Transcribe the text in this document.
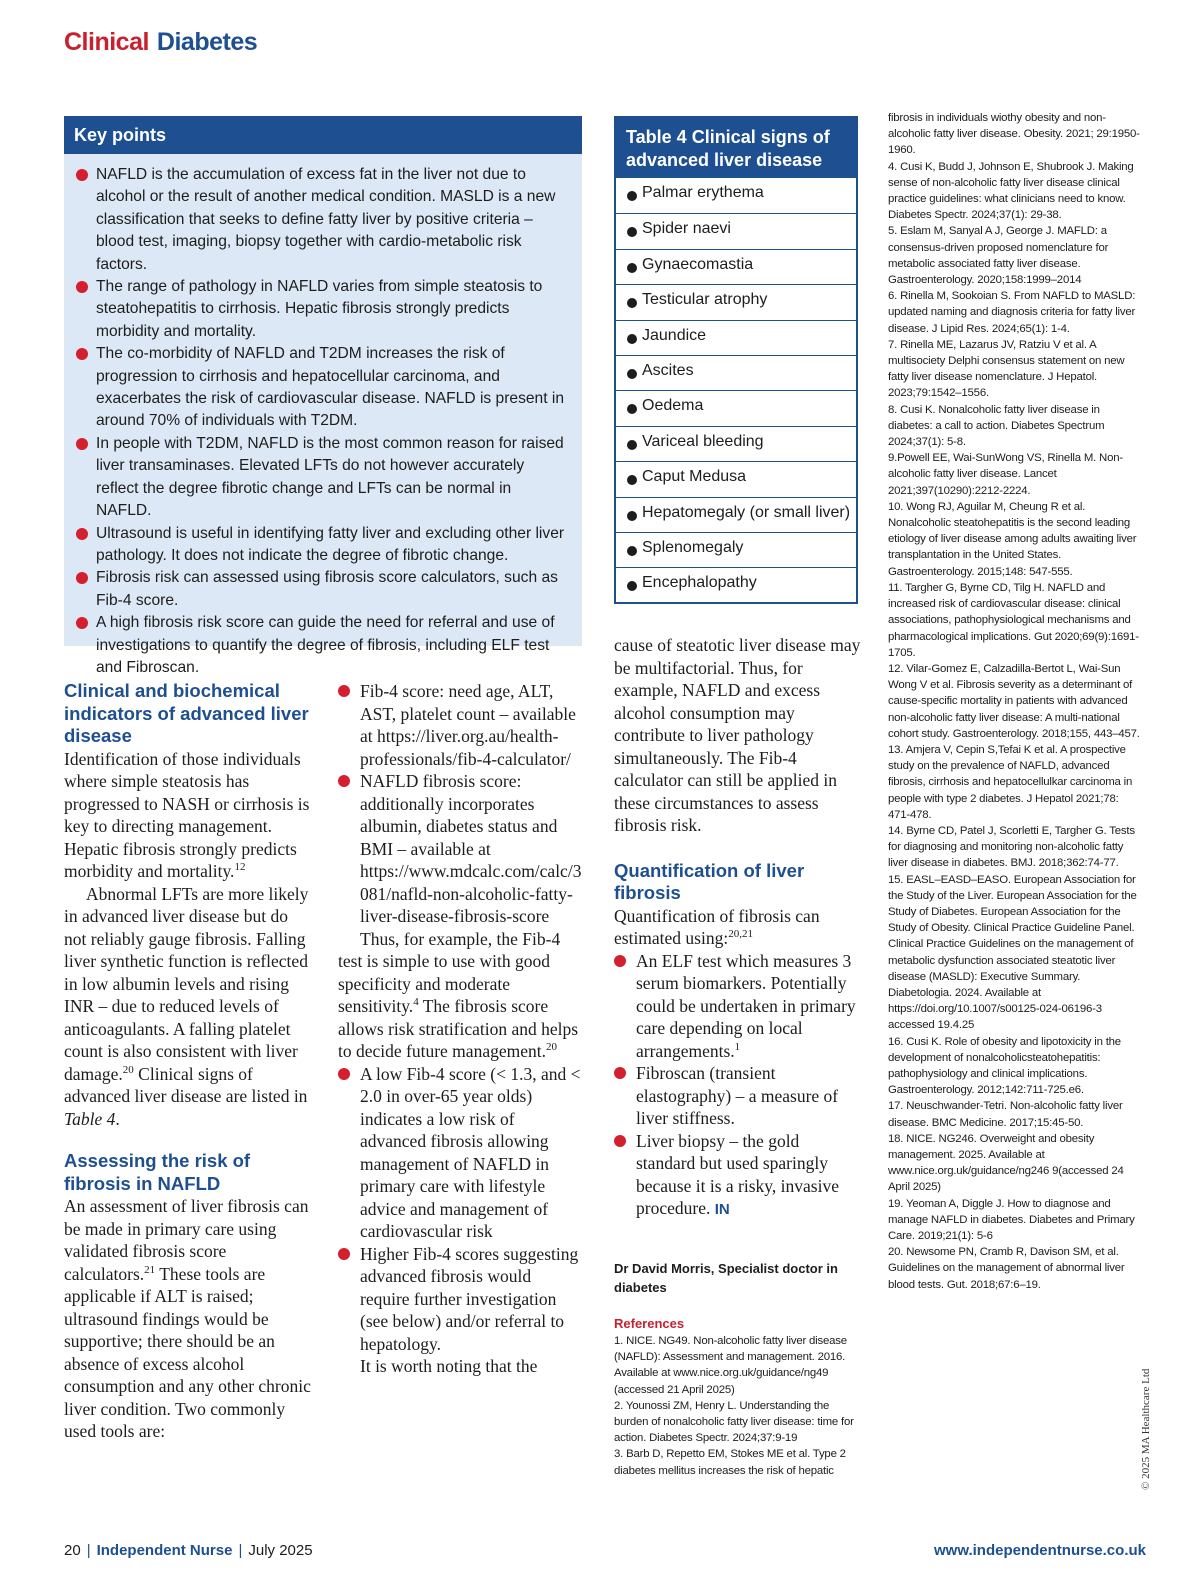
Clinical Diabetes
Key points
NAFLD is the accumulation of excess fat in the liver not due to alcohol or the result of another medical condition. MASLD is a new classification that seeks to define fatty liver by positive criteria – blood test, imaging, biopsy together with cardio-metabolic risk factors.
The range of pathology in NAFLD varies from simple steatosis to steatohepatitis to cirrhosis. Hepatic fibrosis strongly predicts morbidity and mortality.
The co-morbidity of NAFLD and T2DM increases the risk of progression to cirrhosis and hepatocellular carcinoma, and exacerbates the risk of cardiovascular disease. NAFLD is present in around 70% of individuals with T2DM.
In people with T2DM, NAFLD is the most common reason for raised liver transaminases. Elevated LFTs do not however accurately reflect the degree fibrotic change and LFTs can be normal in NAFLD.
Ultrasound is useful in identifying fatty liver and excluding other liver pathology. It does not indicate the degree of fibrotic change.
Fibrosis risk can assessed using fibrosis score calculators, such as Fib-4 score.
A high fibrosis risk score can guide the need for referral and use of investigations to quantify the degree of fibrosis, including ELF test and Fibroscan.
Table 4 Clinical signs of advanced liver disease
Palmar erythema
Spider naevi
Gynaecomastia
Testicular atrophy
Jaundice
Ascites
Oedema
Variceal bleeding
Caput Medusa
Hepatomegaly (or small liver)
Splenomegaly
Encephalopathy
Clinical and biochemical indicators of advanced liver disease

Identification of those individuals where simple steatosis has progressed to NASH or cirrhosis is key to directing management. Hepatic fibrosis strongly predicts morbidity and mortality.$^{12}$

Abnormal LFTs are more likely in advanced liver disease but do not reliably gauge fibrosis. Falling liver synthetic function is reflected in low albumin levels and rising INR – due to reduced levels of anticoagulants. A falling platelet count is also consistent with liver damage.$^{20}$ Clinical signs of advanced liver disease are listed in Table 4.

Assessing the risk of fibrosis in NAFLD

An assessment of liver fibrosis can be made in primary care using validated fibrosis score calculators.$^{21}$ These tools are applicable if ALT is raised; ultrasound findings would be supportive; there should be an absence of excess alcohol consumption and any other chronic liver condition. Two commonly used tools are:

Fib-4 score: need age, ALT, AST, platelet count – available at https://liver.org.au/health-professionals/fib-4-calculator/
NAFLD fibrosis score: additionally incorporates albumin, diabetes status and BMI – available at https://www.mdcalc.com/calc/3081/nafld-non-alcoholic-fatty-liver-disease-fibrosis-score

Thus, for example, the Fib-4 test is simple to use with good specificity and moderate sensitivity.$^4$ The fibrosis score allows risk stratification and helps to decide future management.$^{20}$

A low Fib-4 score (< 1.3, and < 2.0 in over-65 year olds) indicates a low risk of advanced fibrosis allowing management of NAFLD in primary care with lifestyle advice and management of cardiovascular risk
Higher Fib-4 scores suggesting advanced fibrosis would require further investigation (see below) and/or referral to hepatology.

It is worth noting that the

cause of steatotic liver disease may be multifactorial. Thus, for example, NAFLD and excess alcohol consumption may contribute to liver pathology simultaneously. The Fib-4 calculator can still be applied in these circumstances to assess fibrosis risk.

Quantification of liver fibrosis

Quantification of fibrosis can estimated using:$^{20,21}$

An ELF test which measures 3 serum biomarkers. Potentially could be undertaken in primary care depending on local arrangements.$^1$
Fibroscan (transient elastography) – a measure of liver stiffness.
Liver biopsy – the gold standard but used sparingly because it is a risky, invasive procedure. IN
Dr David Morris, Specialist doctor in diabetes
References

1. NICE. NG49. Non-alcoholic fatty liver disease (NAFLD): Assessment and management. 2016. Available at www.nice.org.uk/guidance/ng49 (accessed 21 April 2025)

2. Younossi ZM, Henry L. Understanding the burden of nonalcoholic fatty liver disease: time for action. Diabetes Spectr. 2024;37:9-19

3. Barb D, Repetto EM, Stokes ME et al. Type 2 diabetes mellitus increases the risk of hepatic

fibrosis in individuals wiothy obesity and non-alcoholic fatty liver disease. Obesity. 2021; 29:1950-1960.

4. Cusi K, Budd J, Johnson E, Shubrook J. Making sense of non-alcoholic fatty liver disease clinical practice guidelines: what clinicians need to know. Diabetes Spectr. 2024;37(1): 29-38.

5. Eslam M, Sanyal A J, George J. MAFLD: a consensus-driven proposed nomenclature for metabolic associated fatty liver disease. Gastroenterology. 2020;158:1999–2014

6. Rinella M, Sookoian S. From NAFLD to MASLD: updated naming and diagnosis criteria for fatty liver disease. J Lipid Res. 2024;65(1): 1-4.

7. Rinella ME, Lazarus JV, Ratziu V et al. A multisociety Delphi consensus statement on new fatty liver disease nomenclature. J Hepatol. 2023;79:1542–1556.

8. Cusi K. Nonalcoholic fatty liver disease in diabetes: a call to action. Diabetes Spectrum 2024;37(1): 5-8.

9.Powell EE, Wai-SunWong VS, Rinella M. Non-alcoholic fatty liver disease. Lancet 2021;397(10290):2212-2224.

10. Wong RJ, Aguilar M, Cheung R et al. Nonalcoholic steatohepatitis is the second leading etiology of liver disease among adults awaiting liver transplantation in the United States. Gastroenterology. 2015;148: 547-555.

11. Targher G, Byrne CD, Tilg H. NAFLD and increased risk of cardiovascular disease: clinical associations, pathophysiological mechanisms and pharmacological implications. Gut 2020;69(9):1691-1705.

12. Vilar-Gomez E, Calzadilla-Bertot L, Wai-Sun Wong V et al. Fibrosis severity as a determinant of cause-specific mortality in patients with advanced non-alcoholic fatty liver disease: A multi-national cohort study. Gastroenterology. 2018;155, 443–457.

13. Amjera V, Cepin S,Tefai K et al. A prospective study on the prevalence of NAFLD, advanced fibrosis, cirrhosis and hepatocellulkar carcinoma in people with type 2 diabetes. J Hepatol 2021;78: 471-478.

14. Byrne CD, Patel J, Scorletti E, Targher G. Tests for diagnosing and monitoring non-alcoholic fatty liver disease in diabetes. BMJ. 2018;362:74-77.

15. EASL–EASD–EASO. European Association for the Study of the Liver. European Association for the Study of Diabetes. European Association for the Study of Obesity. Clinical Practice Guideline Panel. Clinical Practice Guidelines on the management of metabolic dysfunction associated steatotic liver disease (MASLD): Executive Summary. Diabetologia. 2024. Available at https://doi.org/10.1007/s00125-024-06196-3 accessed 19.4.25

16. Cusi K. Role of obesity and lipotoxicity in the development of nonalcoholicsteatohepatitis: pathophysiology and clinical implications. Gastroenterology. 2012;142:711-725.e6.

17. Neuschwander-Tetri. Non-alcoholic fatty liver disease. BMC Medicine. 2017;15:45-50.

18. NICE. NG246. Overweight and obesity management. 2025. Available at www.nice.org.uk/guidance/ng246 9(accessed 24 April 2025)

19. Yeoman A, Diggle J. How to diagnose and manage NAFLD in diabetes. Diabetes and Primary Care. 2019;21(1): 5-6

20. Newsome PN, Cramb R, Davison SM, et al. Guidelines on the management of abnormal liver blood tests. Gut. 2018;67:6–19.

20 | Independent Nurse | July 2025	www.independentnurse.co.uk
© 2025 MA Healthcare Ltd
